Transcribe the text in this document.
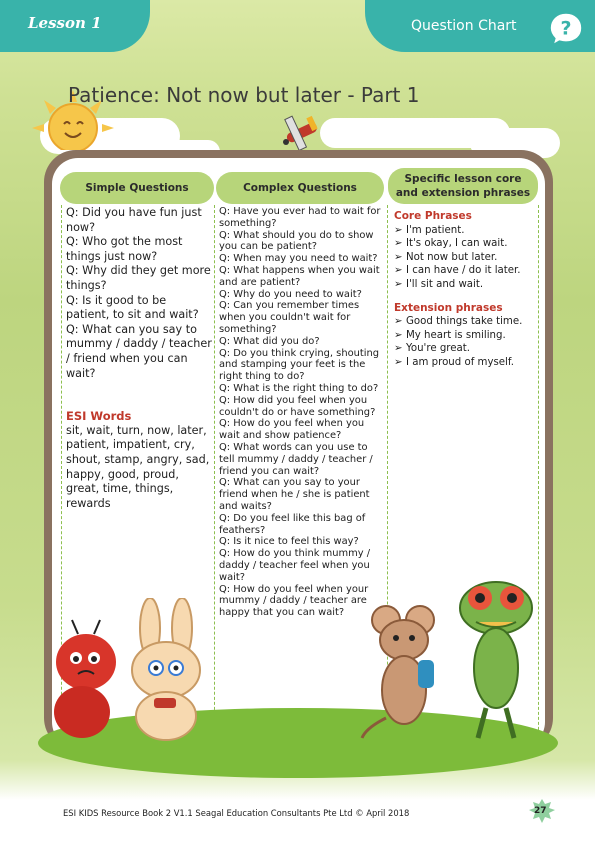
Lesson 1	Question Chart ?
Patience: Not now but later - Part 1
Simple Questions	Complex Questions
Specific lesson core and extension phrases

Q: Did you have fun just now?

Q: Who got the most things just now?

Q: Why did they get more things?

Q: Is it good to be patient, to sit and wait?

Q: What can you say to mummy / daddy / teacher / friend when you can wait?

ESI Words

sit, wait, turn, now, later, patient, impatient, cry, shout, stamp, angry, sad, happy, good, proud, great, time, things, rewards

Q: Have you ever had to wait for something?

Q: What should you do to show you can be patient?

Q: When may you need to wait?

Q: What happens when you wait and are patient?

Q: Why do you need to wait?

Q: Can you remember times when you couldn't wait for something?

Q: What did you do?

Q: Do you think crying, shouting and stamping your feet is the right thing to do?

Q: What is the right thing to do?

Q: How did you feel when you couldn't do or have something?

Q: How do you feel when you wait and show patience?

Q: What words can you use to tell mummy / daddy / teacher / friend you can wait?

Q: What can you say to your friend when he / she is patient and waits?

Q: Do you feel like this bag of feathers?

Q: Is it nice to feel this way?

Q: How do you think mummy / daddy / teacher feel when you wait?

Q: How do you feel when your mummy / daddy / teacher are happy that you can wait?

Core Phrases
➢ I'm patient.
➢ It's okay, I can wait.
➢ Not now but later.
➢ I can have / do it later.
➢ I'll sit and wait.
Extension phrases
➢ Good things take time.
➢ My heart is smiling.
➢ You're great.
➢ I am proud of myself.
ESI KIDS Resource Book 2 V1.1 Seagal Education Consultants Pte Ltd © April 2018	27
